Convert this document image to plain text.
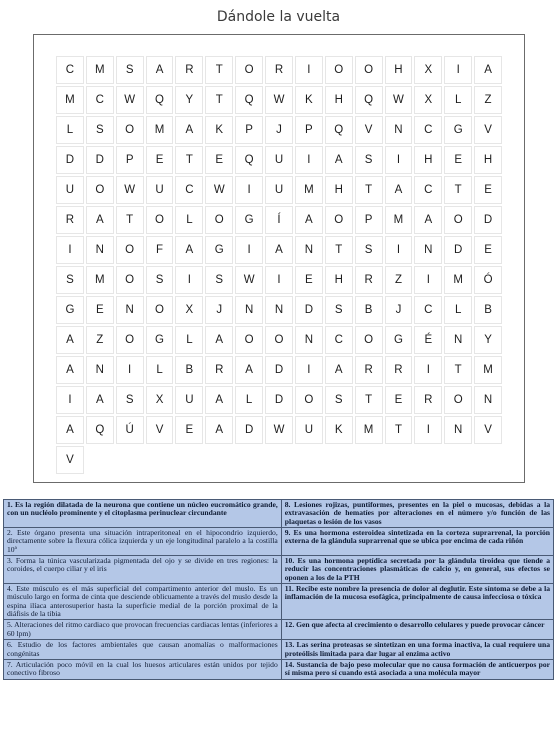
Dándole la vuelta
C	M	S	A	R	T	O	R	I	O	O	H	X	I	A
M	C	W	Q	Y	T	Q	W	K	H	Q	W	X	L	Z
L	S	O	M	A	K	P	J	P	Q	V	N	C	G	V
D	D	P	E	T	E	Q	U	I	A	S	I	H	E	H
U	O	W	U	C	W	I	U	M	H	T	A	C	T	E
R	A	T	O	L	O	G	Í	A	O	P	M	A	O	D
I	N	O	F	A	G	I	A	N	T	S	I	N	D	E
S	M	O	S	I	S	W	I	E	H	R	Z	I	M	Ó
G	E	N	O	X	J	N	N	D	S	B	J	C	L	B
A	Z	O	G	L	A	O	O	N	C	O	G	É	N	Y
A	N	I	L	B	R	A	D	I	A	R	R	I	T	M
I	A	S	X	U	A	L	D	O	S	T	E	R	O	N
A	Q	Ú	V	E	A	D	W	U	K	M	T	I	N	V
V
1. Es la región dilatada de la neurona que contiene un núcleo eucromático grande, con un nucléolo prominente y el citoplasma perinuclear circundante	8. Lesiones rojizas, puntiformes, presentes en la piel o mucosas, debidas a la extravasación de hematíes por alteraciones en el número y/o función de las plaquetas o lesión de los vasos
2. Este órgano presenta una situación intraperitoneal en el hipocondrio izquierdo, directamente sobre la flexura cólica izquierda y un eje longitudinal paralelo a la costilla 10ª	9. Es una hormona esteroidea sintetizada en la corteza suprarrenal, la porción externa de la glándula suprarrenal que se ubica por encima de cada riñón
3. Forma la túnica vascularizada pigmentada del ojo y se divide en tres regiones: la coroides, el cuerpo ciliar y el iris	10. Es una hormona peptídica secretada por la glándula tiroidea que tiende a reducir las concentraciones plasmáticas de calcio y, en general, sus efectos se oponen a los de la PTH
4. Este músculo es el más superficial del compartimento anterior del muslo. Es un músculo largo en forma de cinta que desciende oblicuamente a través del muslo desde la espina ilíaca anterosuperior hasta la superficie medial de la porción proximal de la diáfisis de la tibia	11. Recibe este nombre la presencia de dolor al deglutir. Este síntoma se debe a la inflamación de la mucosa esofágica, principalmente de causa infecciosa o tóxica
5. Alteraciones del ritmo cardiaco que provocan frecuencias cardiacas lentas (inferiores a 60 lpm)	12. Gen que afecta al crecimiento o desarrollo celulares y puede provocar cáncer
6. Estudio de los factores ambientales que causan anomalías o malformaciones congénitas	13. Las serina proteasas se sintetizan en una forma inactiva, la cual requiere una proteólisis limitada para dar lugar al enzima activo
7. Articulación poco móvil en la cual los huesos articulares están unidos por tejido conectivo fibroso	14. Sustancia de bajo peso molecular que no causa formación de anticuerpos por sí misma pero sí cuando está asociada a una molécula mayor
